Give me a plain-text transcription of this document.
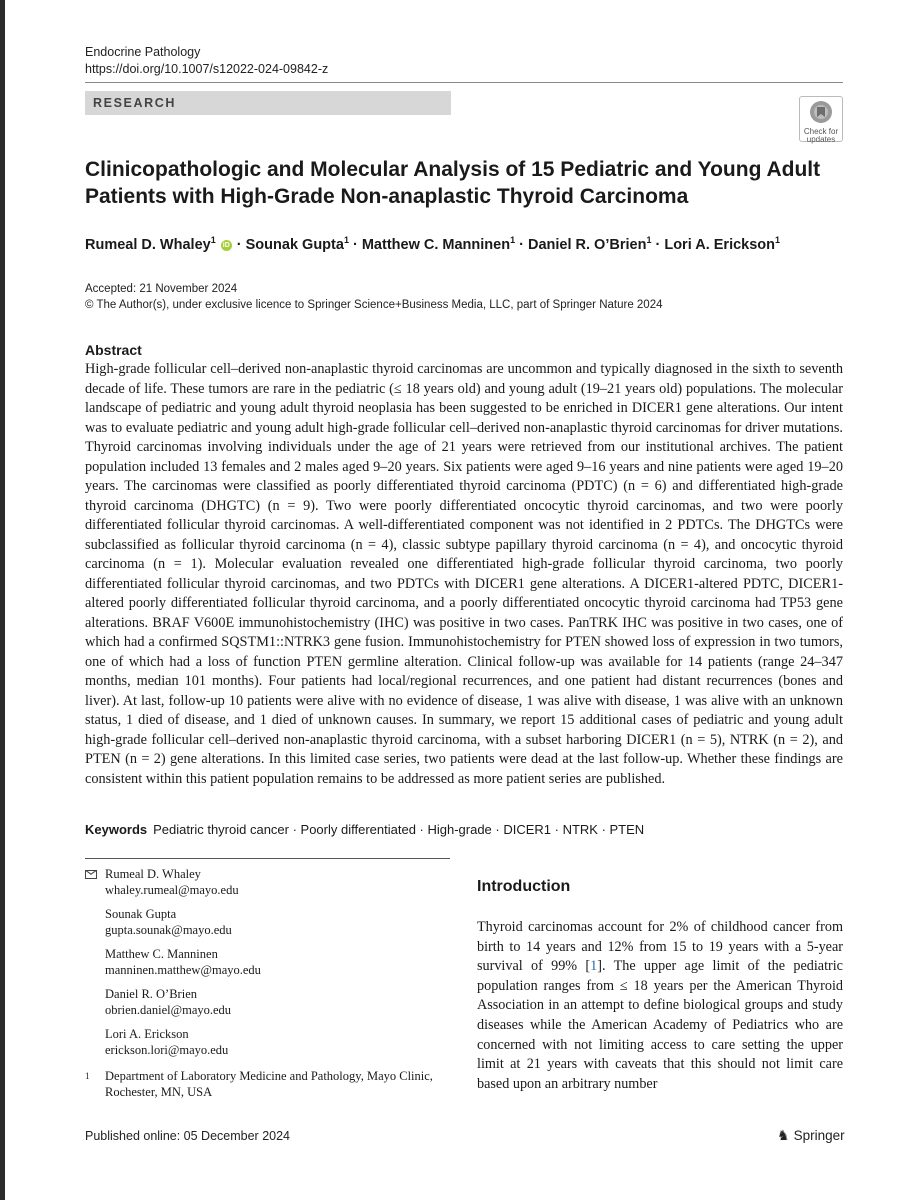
Endocrine Pathology
https://doi.org/10.1007/s12022-024-09842-z
RESEARCH
Check for
updates
Clinicopathologic and Molecular Analysis of 15 Pediatric and Young Adult Patients with High-Grade Non-anaplastic Thyroid Carcinoma
Rumeal D. Whaley$^1$ iD · Sounak Gupta$^1$ · Matthew C. Manninen$^1$ · Daniel R. O’Brien$^1$ · Lori A. Erickson$^1$
Accepted: 21 November 2024
© The Author(s), under exclusive licence to Springer Science+Business Media, LLC, part of Springer Nature 2024
Abstract
High-grade follicular cell–derived non-anaplastic thyroid carcinomas are uncommon and typically diagnosed in the sixth to seventh decade of life. These tumors are rare in the pediatric (≤ 18 years old) and young adult (19–21 years old) populations. The molecular landscape of pediatric and young adult thyroid neoplasia has been suggested to be enriched in DICER1 gene alterations. Our intent was to evaluate pediatric and young adult high-grade follicular cell–derived non-anaplastic thyroid carcinomas for driver mutations. Thyroid carcinomas involving individuals under the age of 21 years were retrieved from our institutional archives. The patient population included 13 females and 2 males aged 9–20 years. Six patients were aged 9–16 years and nine patients were aged 19–20 years. The carcinomas were classified as poorly differentiated thyroid carcinoma (PDTC) (n = 6) and differentiated high-grade thyroid carcinoma (DHGTC) (n = 9). Two were poorly differentiated oncocytic thyroid carcinomas, and two were poorly differentiated follicular thyroid carcinomas. A well-differentiated component was not identified in 2 PDTCs. The DHGTCs were subclassified as follicular thyroid carcinoma (n = 4), classic subtype papillary thyroid carcinoma (n = 4), and oncocytic thyroid carcinoma (n = 1). Molecular evaluation revealed one differentiated high-grade follicular thyroid carcinoma, two poorly differentiated follicular thyroid carcinomas, and two PDTCs with DICER1 gene alterations. A DICER1-altered PDTC, DICER1-altered poorly differentiated follicular thyroid carcinoma, and a poorly differentiated oncocytic thyroid carcinoma had TP53 gene alterations. BRAF V600E immunohistochemistry (IHC) was positive in two cases. PanTRK IHC was positive in two cases, one of which had a confirmed SQSTM1::NTRK3 gene fusion. Immunohistochemistry for PTEN showed loss of expression in two tumors, one of which had a loss of function PTEN germline alteration. Clinical follow-up was available for 14 patients (range 24–347 months, median 101 months). Four patients had local/regional recurrences, and one patient had distant recurrences (bones and liver). At last, follow-up 10 patients were alive with no evidence of disease, 1 was alive with disease, 1 was alive with an unknown status, 1 died of disease, and 1 died of unknown causes. In summary, we report 15 additional cases of pediatric and young adult high-grade follicular cell–derived non-anaplastic thyroid carcinoma, with a subset harboring DICER1 (n = 5), NTRK (n = 2), and PTEN (n = 2) gene alterations. In this limited case series, two patients were dead at the last follow-up. Whether these findings are consistent within this patient population remains to be addressed as more patient series are published.
Keywords Pediatric thyroid cancer · Poorly differentiated · High-grade · DICER1 · NTRK · PTEN
Rumeal D. Whaley
whaley.rumeal@mayo.edu
Sounak Gupta
gupta.sounak@mayo.edu
Matthew C. Manninen
manninen.matthew@mayo.edu
Daniel R. O’Brien
obrien.daniel@mayo.edu
Lori A. Erickson
erickson.lori@mayo.edu
1	Department of Laboratory Medicine and Pathology, Mayo Clinic, Rochester, MN, USA
Introduction
Thyroid carcinomas account for 2% of childhood cancer from birth to 14 years and 12% from 15 to 19 years with a 5-year survival of 99% [1]. The upper age limit of the pediatric population ranges from ≤ 18 years per the American Thyroid Association in an attempt to define biological groups and study diseases while the American Academy of Pediatrics who are concerned with not limiting access to care setting the upper limit at 21 years with caveats that this should not limit care based upon an arbitrary number
Published online: 05 December 2024	♞ Springer
